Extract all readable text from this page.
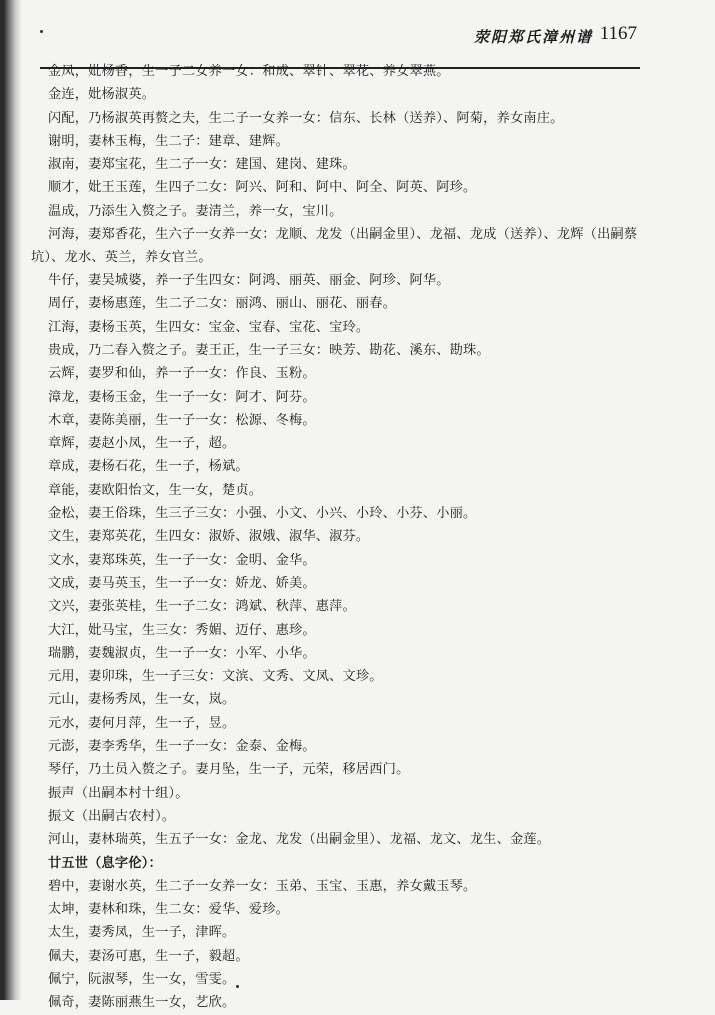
荥阳郑氏漳州谱 1167
金凤，妣杨香，生一子二女养一女：和成、翠针、翠花、养女翠燕。
金连，妣杨淑英。
闪配，乃杨淑英再赘之夫，生二子一女养一女：信东、长林（送养）、阿菊，养女南庄。
谢明，妻林玉梅，生二子：建章、建辉。
淑南，妻郑宝花，生二子一女：建国、建岗、建珠。
顺才，妣王玉莲，生四子二女：阿兴、阿和、阿中、阿全、阿英、阿珍。
温成，乃添生入赘之子。妻清兰，养一女，宝川。
河海，妻郑香花，生六子一女养一女：龙顺、龙发（出嗣金里）、龙福、龙成（送养）、龙辉（出嗣蔡坑）、龙水、英兰，养女官兰。
牛仔，妻吴城婆，养一子生四女：阿鸿、丽英、丽金、阿珍、阿华。
周仔，妻杨惠莲，生二子二女：丽鸿、丽山、丽花、丽春。
江海，妻杨玉英，生四女：宝金、宝春、宝花、宝玲。
贵成，乃二春入赘之子。妻王正，生一子三女：映芳、勘花、溪东、勘珠。
云辉，妻罗和仙，养一子一女：作良、玉粉。
漳龙，妻杨玉金，生一子一女：阿才、阿芬。
木章，妻陈美丽，生一子一女：松源、冬梅。
章辉，妻赵小凤，生一子，超。
章成，妻杨石花，生一子，杨斌。
章能，妻欧阳怡文，生一女，楚贞。
金松，妻王俗珠，生三子三女：小强、小文、小兴、小玲、小芬、小丽。
文生，妻郑英花，生四女：淑娇、淑娥、淑华、淑芬。
文水，妻郑珠英，生一子一女：金明、金华。
文成，妻马英玉，生一子一女：娇龙、娇美。
文兴，妻张英桂，生一子二女：鸿斌、秋萍、惠萍。
大江，妣马宝，生三女：秀媚、迈仔、惠珍。
瑞鹏，妻魏淑贞，生一子一女：小军、小华。
元用，妻卯珠，生一子三女：文滨、文秀、文凤、文珍。
元山，妻杨秀凤，生一女，岚。
元水，妻何月萍，生一子，昱。
元澎，妻李秀华，生一子一女：金泰、金梅。
琴仔，乃土员入赘之子。妻月坠，生一子，元荣，移居西门。
振声（出嗣本村十组）。
振文（出嗣古农村）。
河山，妻林瑞英，生五子一女：金龙、龙发（出嗣金里）、龙福、龙文、龙生、金莲。
廿五世（息字伦）：
碧中，妻谢水英，生二子一女养一女：玉弟、玉宝、玉惠，养女戴玉琴。
太坤，妻林和珠，生二女：爱华、爱珍。
太生，妻秀凤，生一子，津晖。
佩夫，妻汤可惠，生一子，毅超。
佩宁，阮淑琴，生一女，雪雯。
佩奇，妻陈丽燕生一女，艺欣。
